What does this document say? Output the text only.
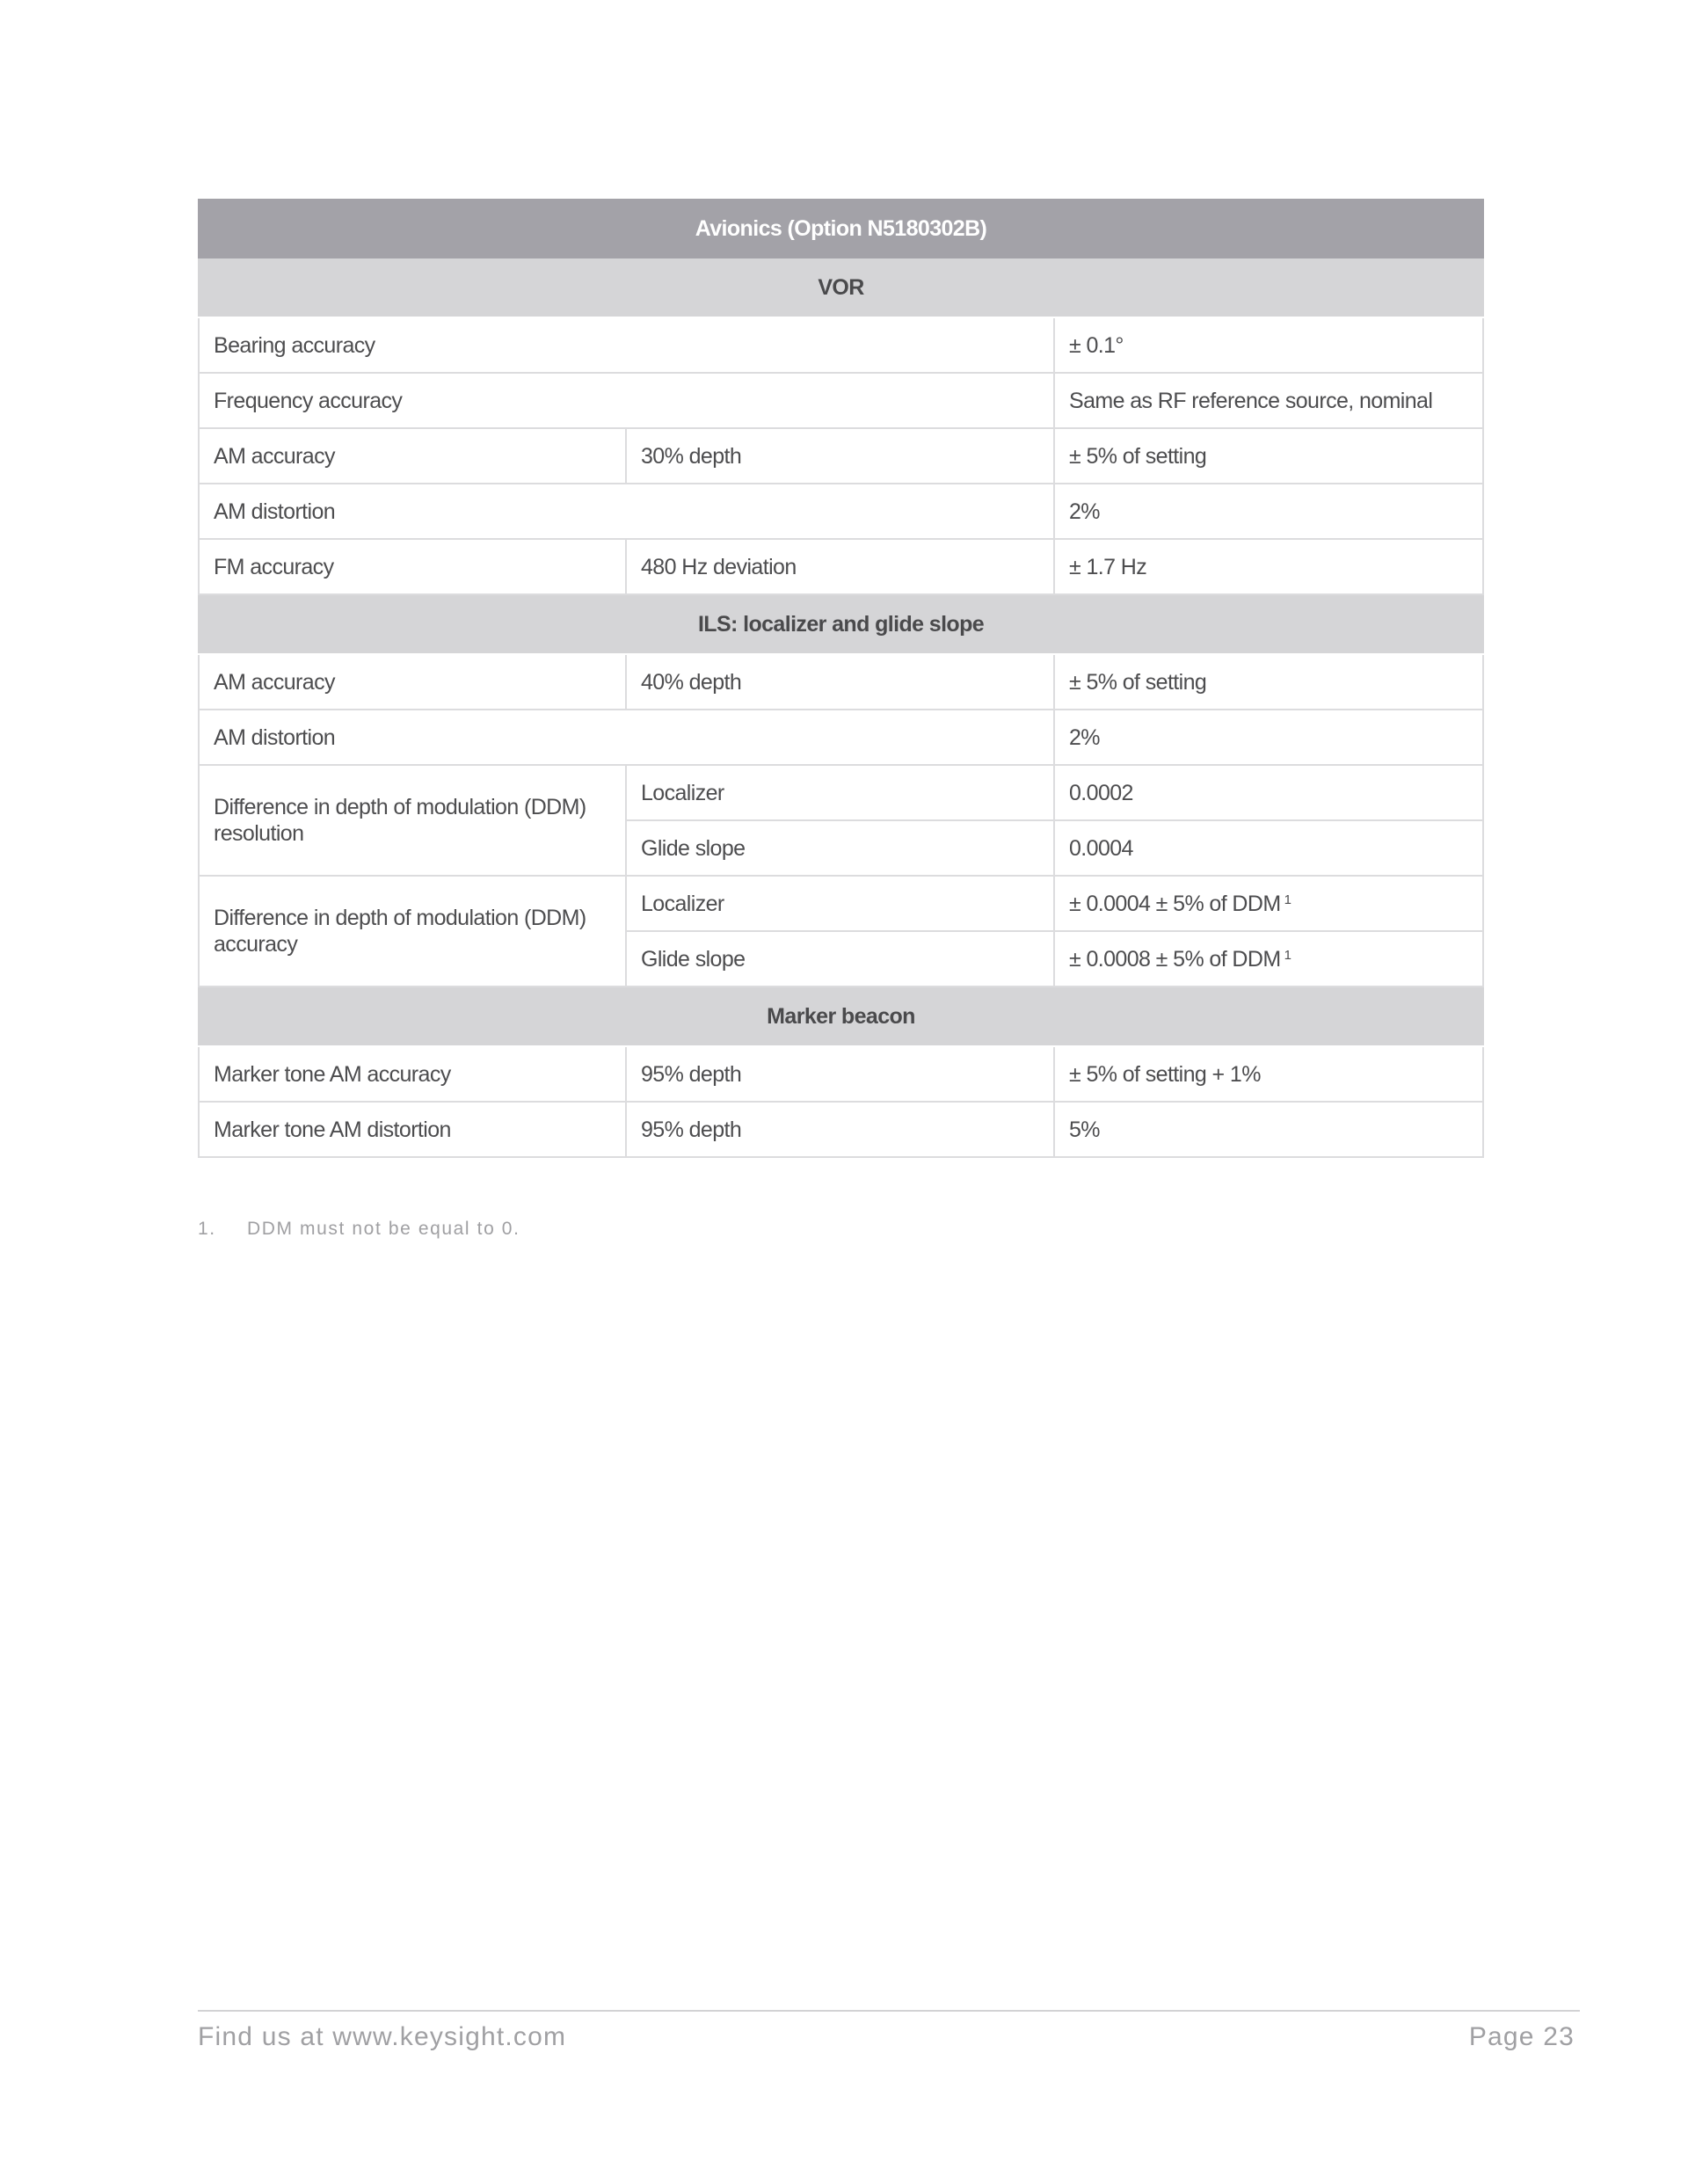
Avionics (Option N5180302B)		
VOR		
Bearing accuracy		± 0.1°
Frequency accuracy		Same as RF reference source, nominal
AM accuracy	30% depth	± 5% of setting
AM distortion		2%
FM accuracy	480 Hz deviation	± 1.7 Hz
ILS: localizer and glide slope		
AM accuracy	40% depth	± 5% of setting
AM distortion		2%
Difference in depth of modulation (DDM) resolution	Localizer	0.0002
	Glide slope	0.0004
Difference in depth of modulation (DDM) accuracy	Localizer	± 0.0004 ± 5% of DDM $^1$
	Glide slope	± 0.0008 ± 5% of DDM $^1$
Marker beacon		
Marker tone AM accuracy	95% depth	± 5% of setting + 1%
Marker tone AM distortion	95% depth	5%
1. DDM must not be equal to 0.
Find us at www.keysight.com	Page 23
